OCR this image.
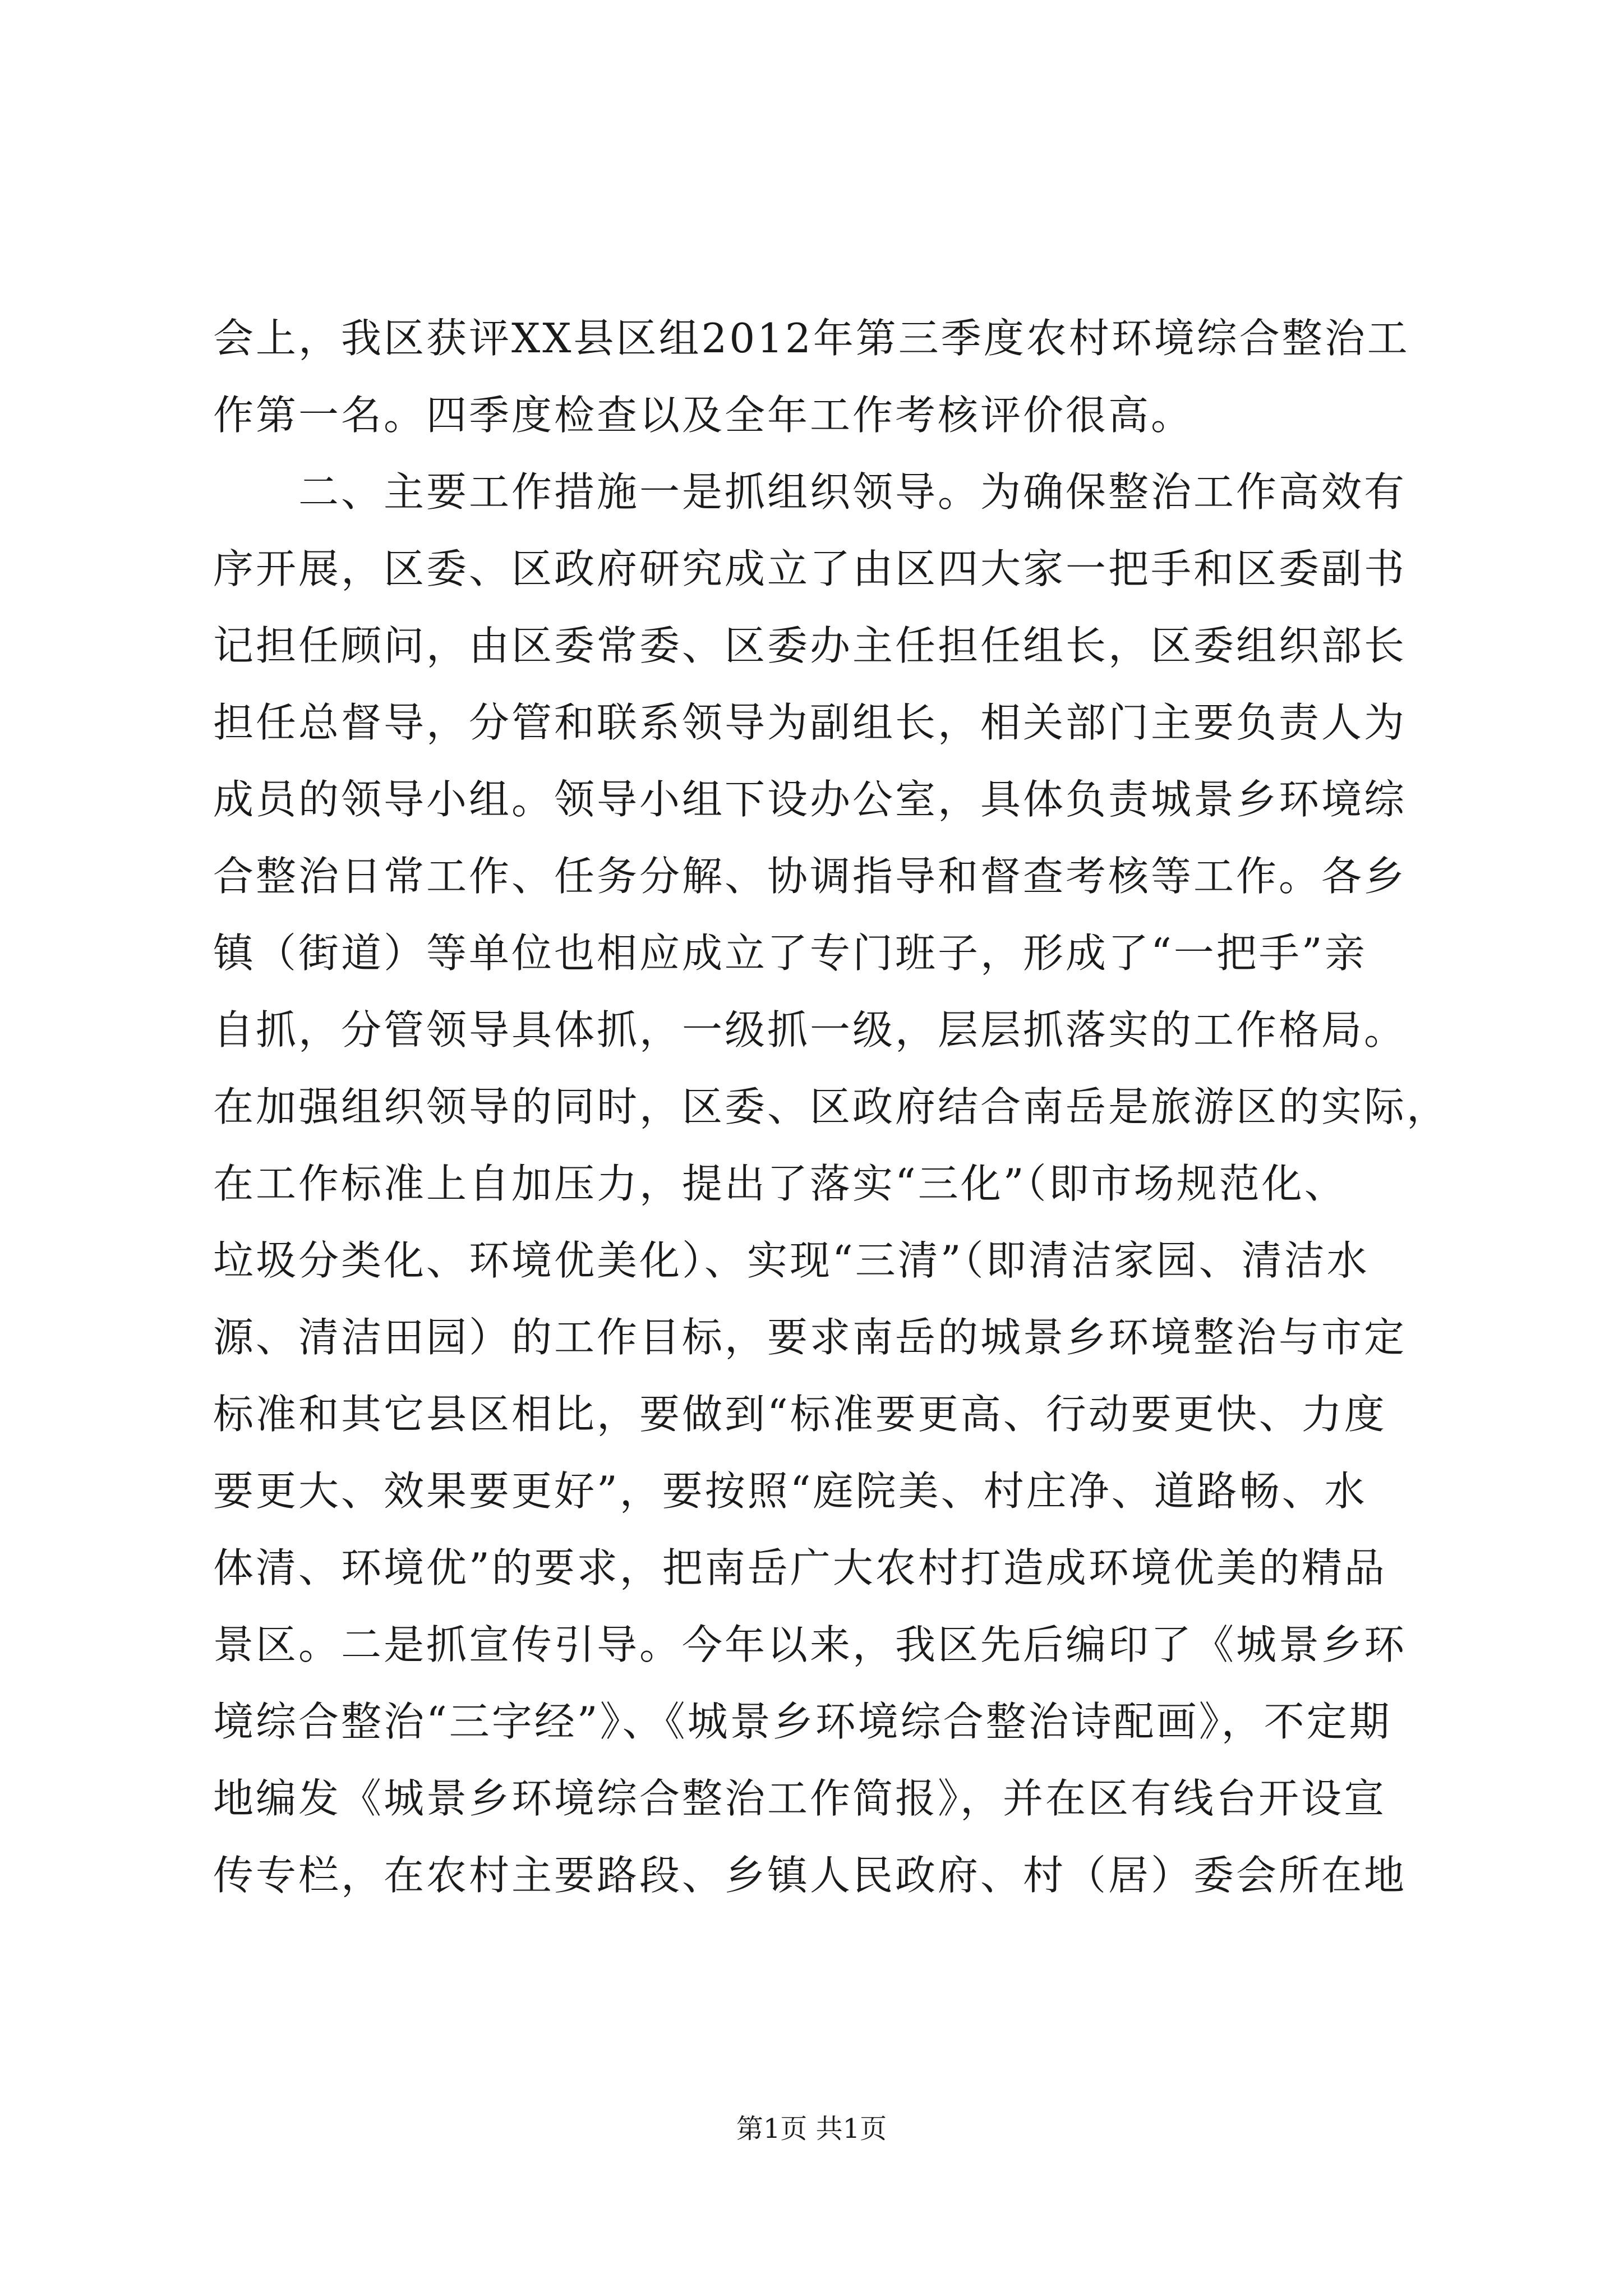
会上，我区获评XX县区组2012年第三季度农村环境综合整治工
作第一名。四季度检查以及全年工作考核评价很高。
　　二、主要工作措施一是抓组织领导。为确保整治工作高效有
序开展，区委、区政府研究成立了由区四大家一把手和区委副书
记担任顾问，由区委常委、区委办主任担任组长，区委组织部长
担任总督导，分管和联系领导为副组长，相关部门主要负责人为
成员的领导小组。领导小组下设办公室，具体负责城景乡环境综
合整治日常工作、任务分解、协调指导和督查考核等工作。各乡
镇（街道）等单位也相应成立了专门班子，形成了“一把手”亲
自抓，分管领导具体抓，一级抓一级，层层抓落实的工作格局。
在加强组织领导的同时，区委、区政府结合南岳是旅游区的实际，
在工作标准上自加压力，提出了落实“三化”（即市场规范化、
垃圾分类化、环境优美化）、实现“三清”（即清洁家园、清洁水
源、清洁田园）的工作目标，要求南岳的城景乡环境整治与市定
标准和其它县区相比，要做到“标准要更高、行动要更快、力度
要更大、效果要更好”，要按照“庭院美、村庄净、道路畅、水
体清、环境优”的要求，把南岳广大农村打造成环境优美的精品
景区。二是抓宣传引导。今年以来，我区先后编印了《城景乡环
境综合整治“三字经”》、《城景乡环境综合整治诗配画》，不定期
地编发《城景乡环境综合整治工作简报》，并在区有线台开设宣
传专栏，在农村主要路段、乡镇人民政府、村（居）委会所在地
第1页 共1页
